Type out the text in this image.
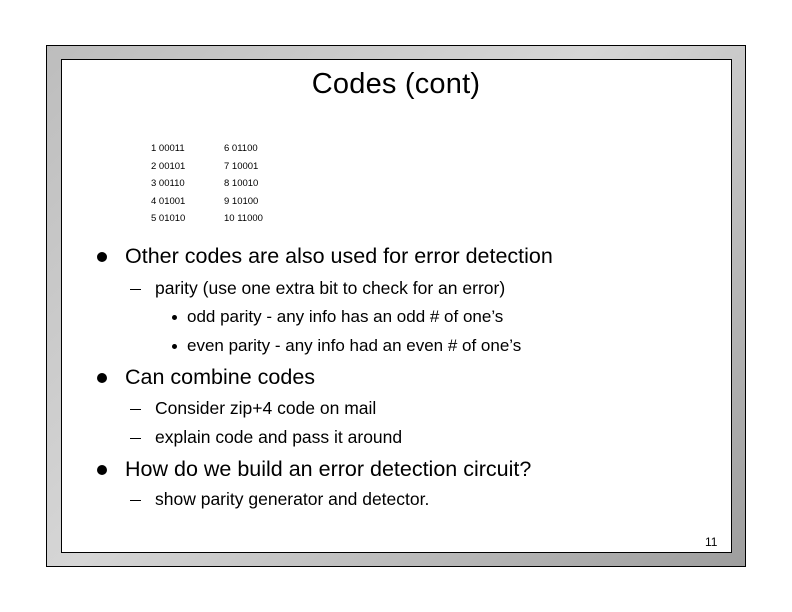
Codes (cont)
1 00011
2 00101
3 00110
4 01001
5 01010
6 01100
7 10001
8 10010
9 10100
10 11000
Other codes are also used for error detection
parity (use one extra bit to check for an error)
odd parity - any info has an odd # of one’s
even parity - any info had an even # of one’s
Can combine codes
Consider zip+4 code on mail
explain code and pass it around
How do we build an error detection circuit?
show parity generator and detector.
11
